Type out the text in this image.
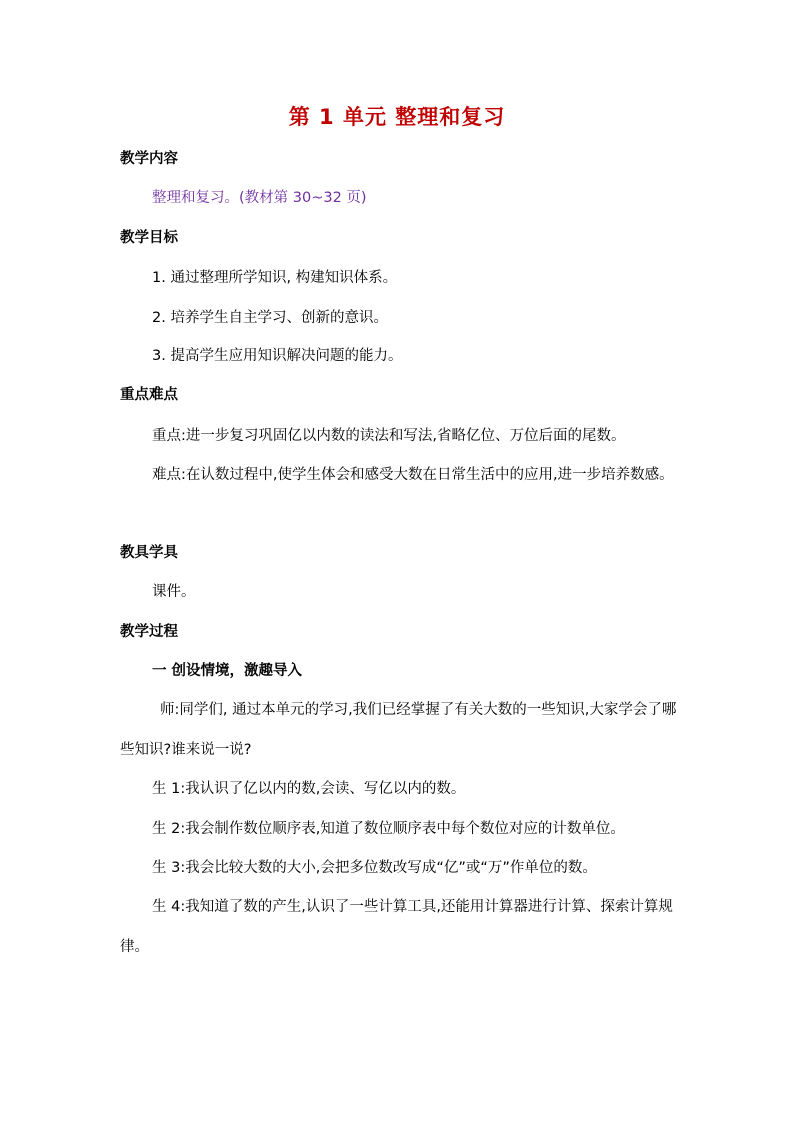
第 1 单元 整理和复习
教学内容
整理和复习。(教材第 30~32 页)
教学目标
1. 通过整理所学知识, 构建知识体系。
2. 培养学生自主学习、创新的意识。
3. 提高学生应用知识解决问题的能力。
重点难点
重点:进一步复习巩固亿以内数的读法和写法,省略亿位、万位后面的尾数。
难点:在认数过程中,使学生体会和感受大数在日常生活中的应用,进一步培养数感。
教具学具
课件。
教学过程
一 创设情境，激趣导入
师:同学们, 通过本单元的学习,我们已经掌握了有关大数的一些知识,大家学会了哪些知识?谁来说一说?
生 1:我认识了亿以内的数,会读、写亿以内的数。
生 2:我会制作数位顺序表,知道了数位顺序表中每个数位对应的计数单位。
生 3:我会比较大数的大小,会把多位数改写成“亿”或“万”作单位的数。
生 4:我知道了数的产生,认识了一些计算工具,还能用计算器进行计算、探索计算规律。
